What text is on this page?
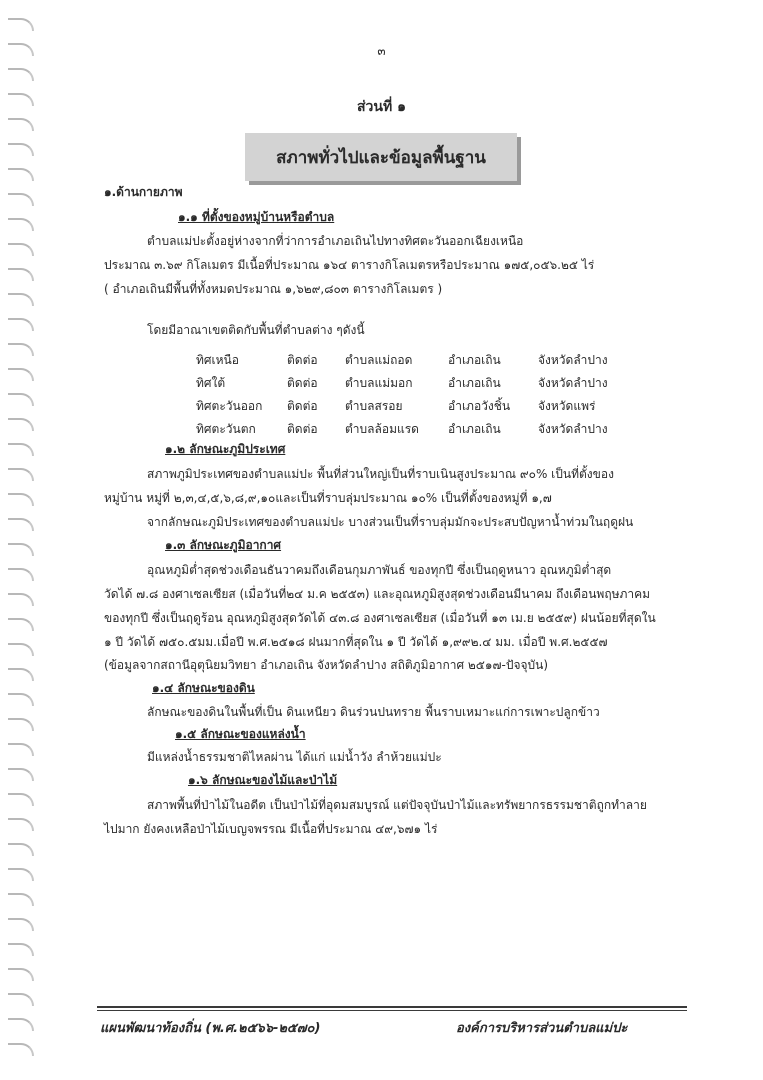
๓
ส่วนที่ ๑
สภาพทั่วไปและข้อมูลพื้นฐาน
๑.ด้านกายภาพ
๑.๑ ที่ตั้งของหมู่บ้านหรือตำบล
ตำบลแม่ปะตั้งอยู่ห่างจากที่ว่าการอำเภอเถินไปทางทิศตะวันออกเฉียงเหนือ
ประมาณ ๓.๖๙ กิโลเมตร มีเนื้อที่ประมาณ ๑๖๔ ตารางกิโลเมตรหรือประมาณ ๑๗๕,๐๕๖.๒๕ ไร่
( อำเภอเถินมีพื้นที่ทั้งหมดประมาณ ๑,๖๒๙,๘๐๓ ตารางกิโลเมตร )
โดยมีอาณาเขตติดกับพื้นที่ตำบลต่าง ๆดังนี้
ทิศเหนือ	ติดต่อ ตำบลแม่ถอด	อำเภอเถิน	จังหวัดลำปาง
ทิศใต้	ติดต่อ ตำบลแม่มอก	อำเภอเถิน	จังหวัดลำปาง
ทิศตะวันออก ติดต่อ ตำบลสรอย	อำเภอวังชิ้น จังหวัดแพร่
ทิศตะวันตก	ติดต่อ ตำบลล้อมแรด อำเภอเถิน	จังหวัดลำปาง
๑.๒ ลักษณะภูมิประเทศ
สภาพภูมิประเทศของตำบลแม่ปะ พื้นที่ส่วนใหญ่เป็นที่ราบเนินสูงประมาณ ๙๐% เป็นที่ตั้งของ
หมู่บ้าน หมู่ที่ ๒,๓,๔,๕,๖,๘,๙,๑๐และเป็นที่ราบลุ่มประมาณ ๑๐% เป็นที่ตั้งของหมู่ที่ ๑,๗
จากลักษณะภูมิประเทศของตำบลแม่ปะ บางส่วนเป็นที่ราบลุ่มมักจะประสบปัญหาน้ำท่วมในฤดูฝน
๑.๓ ลักษณะภูมิอากาศ
อุณหภูมิต่ำสุดช่วงเดือนธันวาคมถึงเดือนกุมภาพันธ์ ของทุกปี ซึ่งเป็นฤดูหนาว อุณหภูมิต่ำสุด
วัดได้ ๗.๘ องศาเซลเซียส (เมื่อวันที่๒๔ ม.ค ๒๕๕๓) และอุณหภูมิสูงสุดช่วงเดือนมีนาคม ถึงเดือนพฤษภาคม
ของทุกปี ซึ่งเป็นฤดูร้อน อุณหภูมิสูงสุดวัดได้ ๔๓.๘ องศาเซลเซียส (เมื่อวันที่ ๑๓ เม.ย ๒๕๕๙) ฝนน้อยที่สุดใน
๑ ปี วัดได้ ๗๕๐.๕มม.เมื่อปี พ.ศ.๒๕๑๘ ฝนมากที่สุดใน ๑ ปี วัดได้ ๑,๙๙๒.๔ มม. เมื่อปี พ.ศ.๒๕๕๗
(ข้อมูลจากสถานีอุตุนิยมวิทยา อำเภอเถิน จังหวัดลำปาง สถิติภูมิอากาศ ๒๕๑๗-ปัจจุบัน)
๑.๔ ลักษณะของดิน
ลักษณะของดินในพื้นที่เป็น ดินเหนียว ดินร่วนปนทราย พื้นราบเหมาะแก่การเพาะปลูกข้าว
๑.๕ ลักษณะของแหล่งน้ำ
มีแหล่งน้ำธรรมชาติไหลผ่าน ได้แก่ แม่น้ำวัง ลำห้วยแม่ปะ
๑.๖ ลักษณะของไม้และป่าไม้
สภาพพื้นที่ป่าไม้ในอดีต เป็นป่าไม้ที่อุดมสมบูรณ์ แต่ปัจจุบันป่าไม้และทรัพยากรธรรมชาติถูกทำลาย
ไปมาก ยังคงเหลือป่าไม้เบญจพรรณ มีเนื้อที่ประมาณ ๔๙,๖๗๑ ไร่
แผนพัฒนาท้องถิ่น (พ.ศ.๒๕๖๖-๒๕๗๐)	องค์การบริหารส่วนตำบลแม่ปะ
